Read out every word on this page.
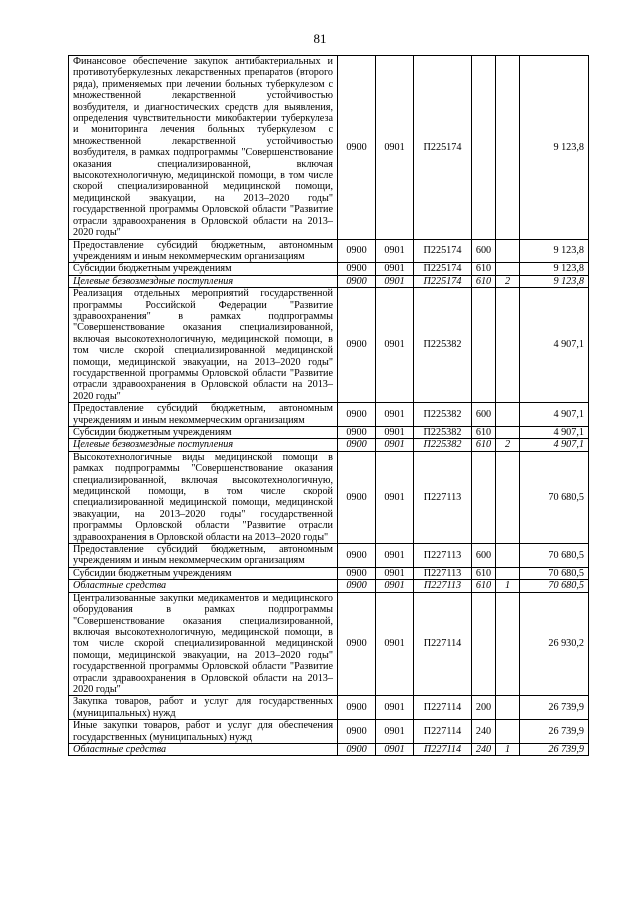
81
Финансовое обеспечение закупок антибактериальных и противотуберкулезных лекарственных препаратов (второго ряда), применяемых при лечении больных туберкулезом с множественной лекарственной устойчивостью возбудителя, и диагностических средств для выявления, определения чувствительности микобактерии туберкулеза и мониторинга лечения больных туберкулезом с множественной лекарственной устойчивостью возбудителя, в рамках подпрограммы "Совершенствование оказания специализированной, включая высокотехнологичную, медицинской помощи, в том числе скорой специализированной медицинской помощи, медицинской эвакуации, на 2013–2020 годы" государственной программы Орловской области "Развитие отрасли здравоохранения в Орловской области на 2013–2020 годы"	0900	0901	П225174			9 123,8
Предоставление субсидий бюджетным, автономным учреждениям и иным некоммерческим организациям	0900	0901	П225174	600		9 123,8
Субсидии бюджетным учреждениям	0900	0901	П225174	610		9 123,8
Целевые безвозмездные поступления	0900	0901	П225174	610	2	9 123,8
Реализация отдельных мероприятий государственной программы Российской Федерации "Развитие здравоохранения" в рамках подпрограммы "Совершенствование оказания специализированной, включая высокотехнологичную, медицинской помощи, в том числе скорой специализированной медицинской помощи, медицинской эвакуации, на 2013–2020 годы" государственной программы Орловской области "Развитие отрасли здравоохранения в Орловской области на 2013–2020 годы"	0900	0901	П225382			4 907,1
Предоставление субсидий бюджетным, автономным учреждениям и иным некоммерческим организациям	0900	0901	П225382	600		4 907,1
Субсидии бюджетным учреждениям	0900	0901	П225382	610		4 907,1
Целевые безвозмездные поступления	0900	0901	П225382	610	2	4 907,1
Высокотехнологичные виды медицинской помощи в рамках подпрограммы "Совершенствование оказания специализированной, включая высокотехнологичную, медицинской помощи, в том числе скорой специализированной медицинской помощи, медицинской эвакуации, на 2013–2020 годы" государственной программы Орловской области "Развитие отрасли здравоохранения в Орловской области на 2013–2020 годы"	0900	0901	П227113			70 680,5
Предоставление субсидий бюджетным, автономным учреждениям и иным некоммерческим организациям	0900	0901	П227113	600		70 680,5
Субсидии бюджетным учреждениям	0900	0901	П227113	610		70 680,5
Областные средства	0900	0901	П227113	610	1	70 680,5
Централизованные закупки медикаментов и медицинского оборудования в рамках подпрограммы "Совершенствование оказания специализированной, включая высокотехнологичную, медицинской помощи, в том числе скорой специализированной медицинской помощи, медицинской эвакуации, на 2013–2020 годы" государственной программы Орловской области "Развитие отрасли здравоохранения в Орловской области на 2013–2020 годы"	0900	0901	П227114			26 930,2
Закупка товаров, работ и услуг для государственных (муниципальных) нужд	0900	0901	П227114	200		26 739,9
Иные закупки товаров, работ и услуг для обеспечения государственных (муниципальных) нужд	0900	0901	П227114	240		26 739,9
Областные средства	0900	0901	П227114	240	1	26 739,9
